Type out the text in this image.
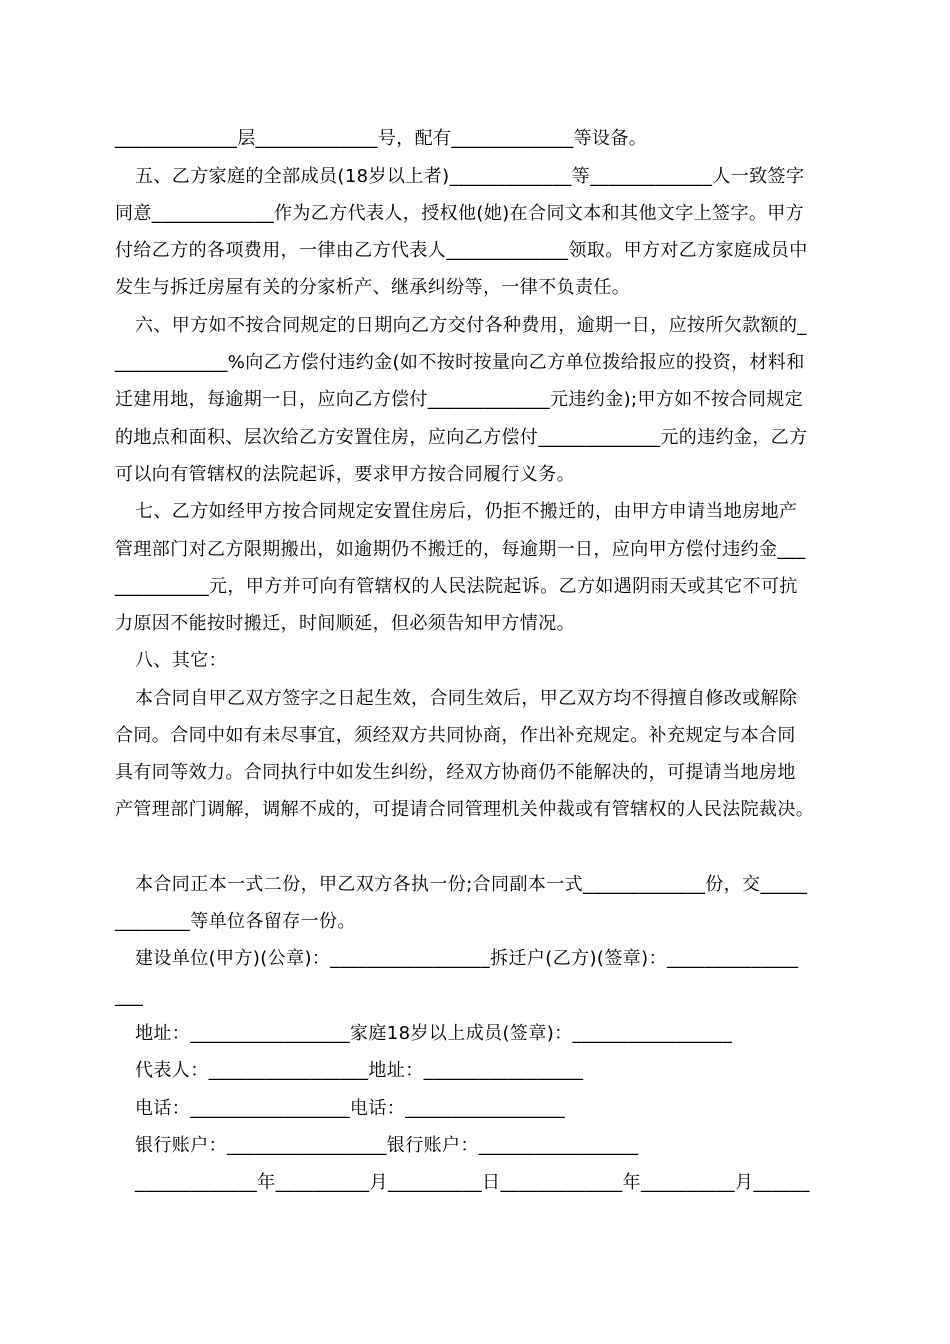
_____________层_____________号，配有_____________等设备。
五、乙方家庭的全部成员(18岁以上者)_____________等_____________人一致签字
同意_____________作为乙方代表人，授权他(她)在合同文本和其他文字上签字。甲方
付给乙方的各项费用，一律由乙方代表人_____________领取。甲方对乙方家庭成员中
发生与拆迁房屋有关的分家析产、继承纠纷等，一律不负责任。
六、甲方如不按合同规定的日期向乙方交付各种费用，逾期一日，应按所欠款额的_
____________%向乙方偿付违约金(如不按时按量向乙方单位拨给报应的投资，材料和
迁建用地，每逾期一日，应向乙方偿付_____________元违约金);甲方如不按合同规定
的地点和面积、层次给乙方安置住房，应向乙方偿付_____________元的违约金，乙方
可以向有管辖权的法院起诉，要求甲方按合同履行义务。
七、乙方如经甲方按合同规定安置住房后，仍拒不搬迁的，由甲方申请当地房地产
管理部门对乙方限期搬出，如逾期仍不搬迁的，每逾期一日，应向甲方偿付违约金___
__________元，甲方并可向有管辖权的人民法院起诉。乙方如遇阴雨天或其它不可抗
力原因不能按时搬迁，时间顺延，但必须告知甲方情况。
八、其它：
本合同自甲乙双方签字之日起生效，合同生效后，甲乙双方均不得擅自修改或解除
合同。合同中如有未尽事宜，须经双方共同协商，作出补充规定。补充规定与本合同
具有同等效力。合同执行中如发生纠纷，经双方协商仍不能解决的，可提请当地房地
产管理部门调解，调解不成的，可提请合同管理机关仲裁或有管辖权的人民法院裁决。
本合同正本一式二份，甲乙双方各执一份;合同副本一式_____________份，交_____
________等单位各留存一份。
建设单位(甲方)(公章)：_________________拆迁户(乙方)(签章)：______________
___
地址：_________________家庭18岁以上成员(签章)：_________________
代表人：_________________地址：_________________
电话：_________________电话：_________________
银行账户：_________________银行账户：_________________
_____________年__________月__________日_____________年__________月______
